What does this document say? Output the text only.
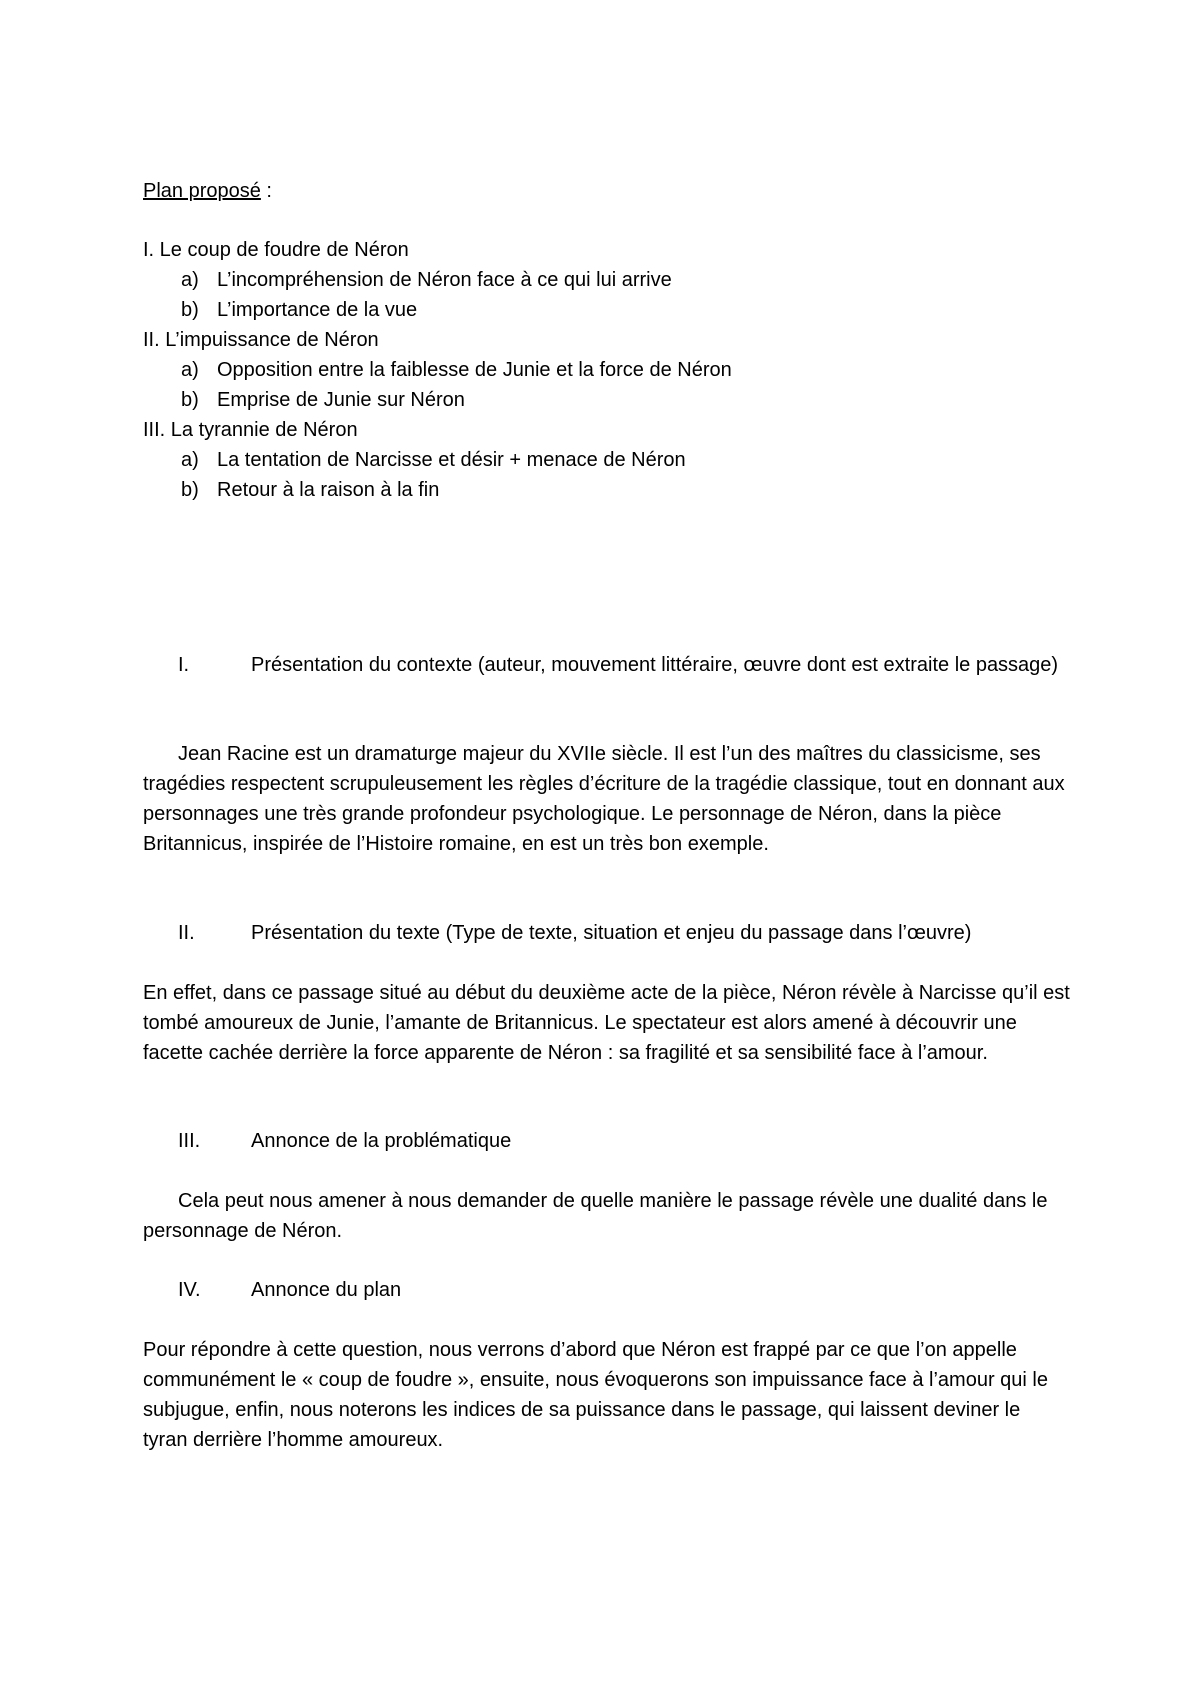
Plan proposé :
I. Le coup de foudre de Néron
a) L’incompréhension de Néron face à ce qui lui arrive
b) L’importance de la vue
II. L’impuissance de Néron
a) Opposition entre la faiblesse de Junie et la force de Néron
b) Emprise de Junie sur Néron
III. La tyrannie de Néron
a) La tentation de Narcisse et désir + menace de Néron
b) Retour à la raison à la fin
I.	Présentation du contexte (auteur, mouvement littéraire, œuvre dont est extraite le passage)
Jean Racine est un dramaturge majeur du XVIIe siècle. Il est l’un des maîtres du classicisme, ses tragédies respectent scrupuleusement les règles d’écriture de la tragédie classique, tout en donnant aux personnages une très grande profondeur psychologique. Le personnage de Néron, dans la pièce Britannicus, inspirée de l’Histoire romaine, en est un très bon exemple.
II.	Présentation du texte (Type de texte, situation et enjeu du passage dans l’œuvre)
En effet, dans ce passage situé au début du deuxième acte de la pièce, Néron révèle à Narcisse qu’il est tombé amoureux de Junie, l’amante de Britannicus. Le spectateur est alors amené à découvrir une facette cachée derrière la force apparente de Néron : sa fragilité et sa sensibilité face à l’amour.
III.	Annonce de la problématique
Cela peut nous amener à nous demander de quelle manière le passage révèle une dualité dans le personnage de Néron.
IV.	Annonce du plan
Pour répondre à cette question, nous verrons d’abord que Néron est frappé par ce que l’on appelle communément le « coup de foudre », ensuite, nous évoquerons son impuissance face à l’amour qui le subjugue, enfin, nous noterons les indices de sa puissance dans le passage, qui laissent deviner le tyran derrière l’homme amoureux.
